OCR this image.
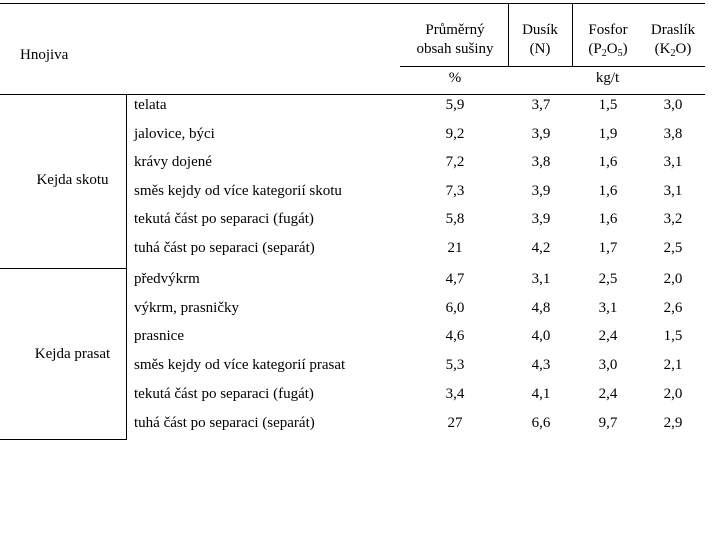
Hnojiva
Průměrný
obsah sušiny
Dusík
(N)
Fosfor
$(P_2O_5)$
Draslík
$(K_2O)$
%	kg/t
Kejda skotu
Kejda prasat
telata	5,9	3,7	1,5	3,0
jalovice, býci	9,2	3,9	1,9	3,8
krávy dojené	7,2	3,8	1,6	3,1
směs kejdy od více kategorií skotu	7,3	3,9	1,6	3,1
tekutá část po separaci (fugát)	5,8	3,9	1,6	3,2
tuhá část po separaci (separát)	21	4,2	1,7	2,5
předvýkrm	4,7	3,1	2,5	2,0
výkrm, prasničky	6,0	4,8	3,1	2,6
prasnice	4,6	4,0	2,4	1,5
směs kejdy od více kategorií prasat	5,3	4,3	3,0	2,1
tekutá část po separaci (fugát)	3,4	4,1	2,4	2,0
tuhá část po separaci (separát)	27	6,6	9,7	2,9
